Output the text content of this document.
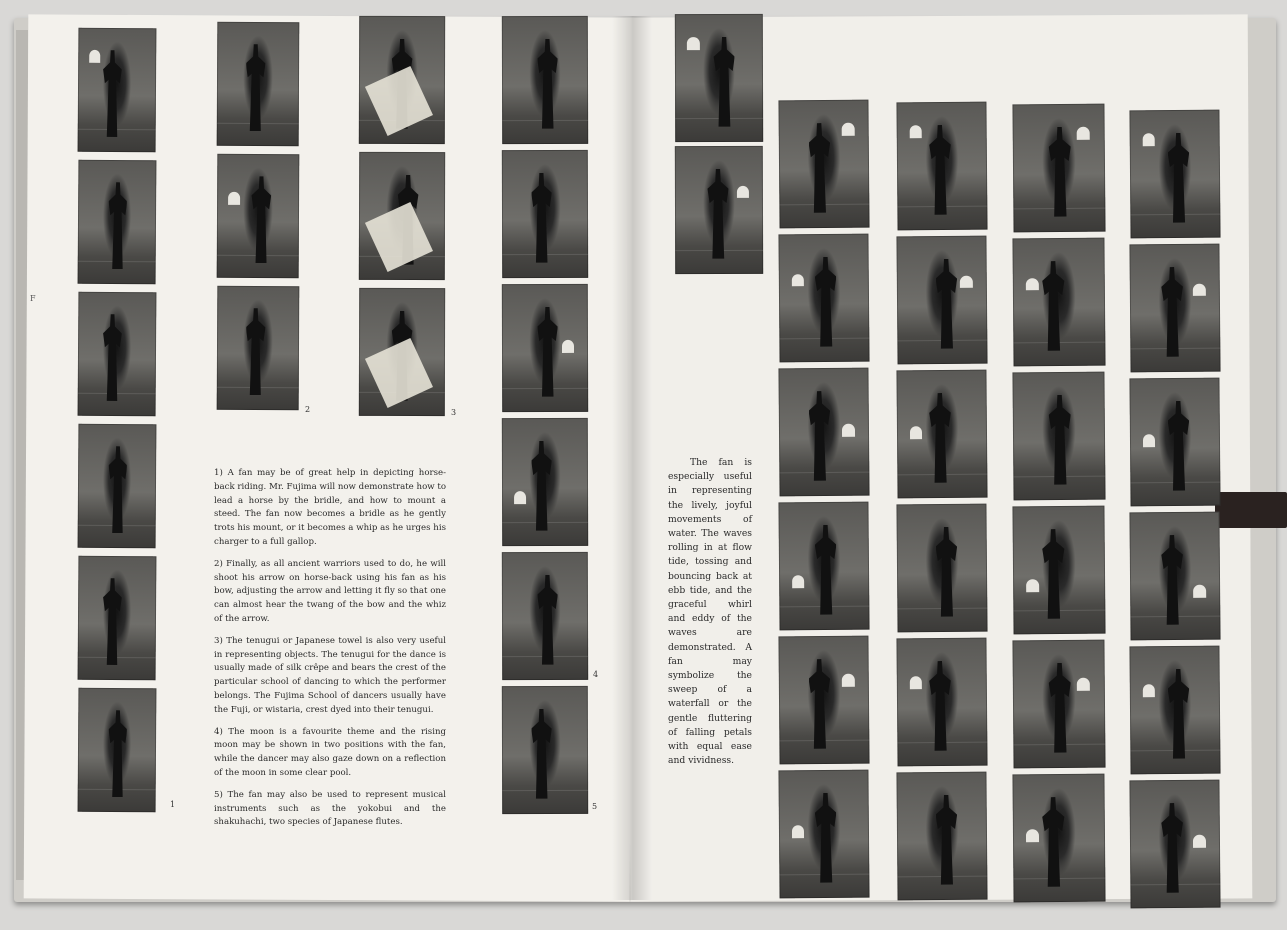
F
1
2	3
4
5

1) A fan may be of great help in depicting horse-back riding. Mr. Fujima will now demonstrate how to lead a horse by the bridle, and how to mount a steed. The fan now becomes a bridle as he gently trots his mount, or it becomes a whip as he urges his charger to a full gallop.

2) Finally, as all ancient warriors used to do, he will shoot his arrow on horse-back using his fan as his bow, adjusting the arrow and letting it fly so that one can almost hear the twang of the bow and the whiz of the arrow.

3) The tenugui or Japanese towel is also very useful in representing objects. The tenugui for the dance is usually made of silk crêpe and bears the crest of the particular school of dancing to which the performer belongs. The Fujima School of dancers usually have the Fuji, or wistaria, crest dyed into their tenugui.

4) The moon is a favourite theme and the rising moon may be shown in two positions with the fan, while the dancer may also gaze down on a reflection of the moon in some clear pool.

5) The fan may also be used to represent musical instruments such as the yokobui and the shakuhachi, two species of Japanese flutes.

The fan is especially useful in representing the lively, joyful movements of water. The waves rolling in at flow tide, tossing and bouncing back at ebb tide, and the graceful whirl and eddy of the waves are demonstrated. A fan may symbolize the sweep of a waterfall or the gentle fluttering of falling petals with equal ease and vividness.
